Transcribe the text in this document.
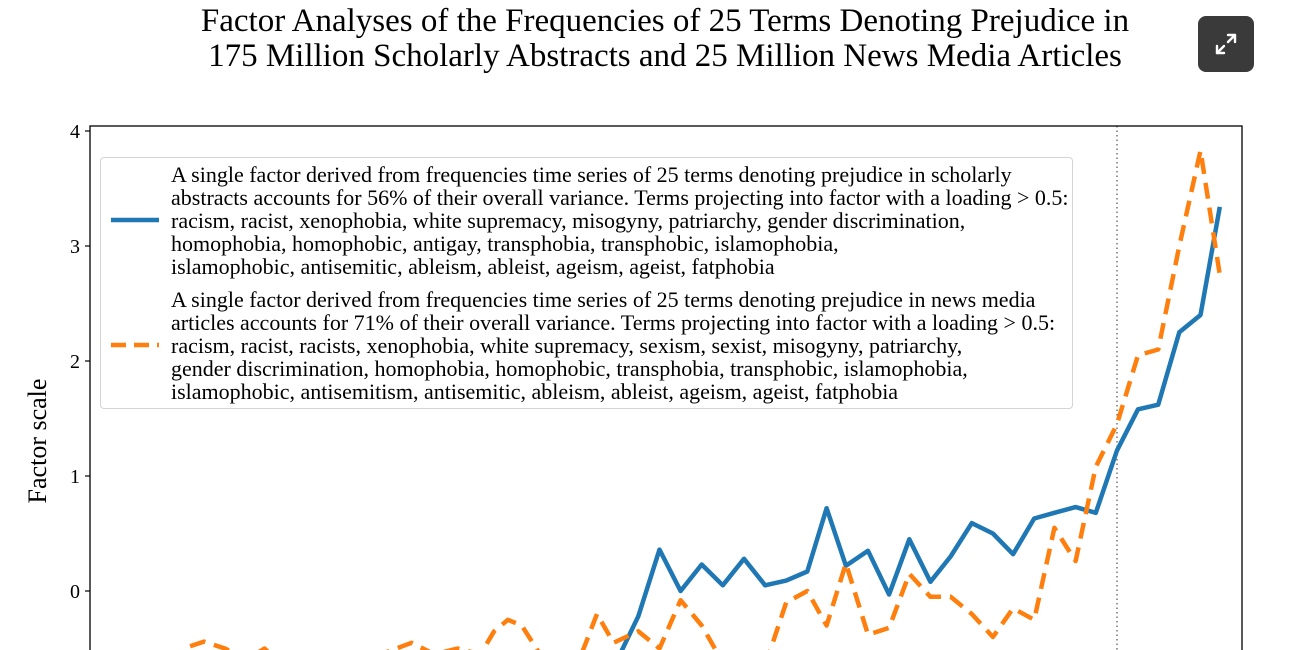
Factor Analyses of the Frequencies of 25 Terms Denoting Prejudice in
175 Million Scholarly Abstracts and 25 Million News Media Articles
Factor scale
0
1
2
3
4
A single factor derived from frequencies time series of 25 terms denoting prejudice in scholarly
abstracts accounts for 56% of their overall variance. Terms projecting into factor with a loading > 0.5:
racism, racist, xenophobia, white supremacy, misogyny, patriarchy, gender discrimination,
homophobia, homophobic, antigay, transphobia, transphobic, islamophobia,
islamophobic, antisemitic, ableism, ableist, ageism, ageist, fatphobia
A single factor derived from frequencies time series of 25 terms denoting prejudice in news media
articles accounts for 71% of their overall variance. Terms projecting into factor with a loading > 0.5:
racism, racist, racists, xenophobia, white supremacy, sexism, sexist, misogyny, patriarchy,
gender discrimination, homophobia, homophobic, transphobia, transphobic, islamophobia,
islamophobic, antisemitism, antisemitic, ableism, ableist, ageism, ageist, fatphobia
